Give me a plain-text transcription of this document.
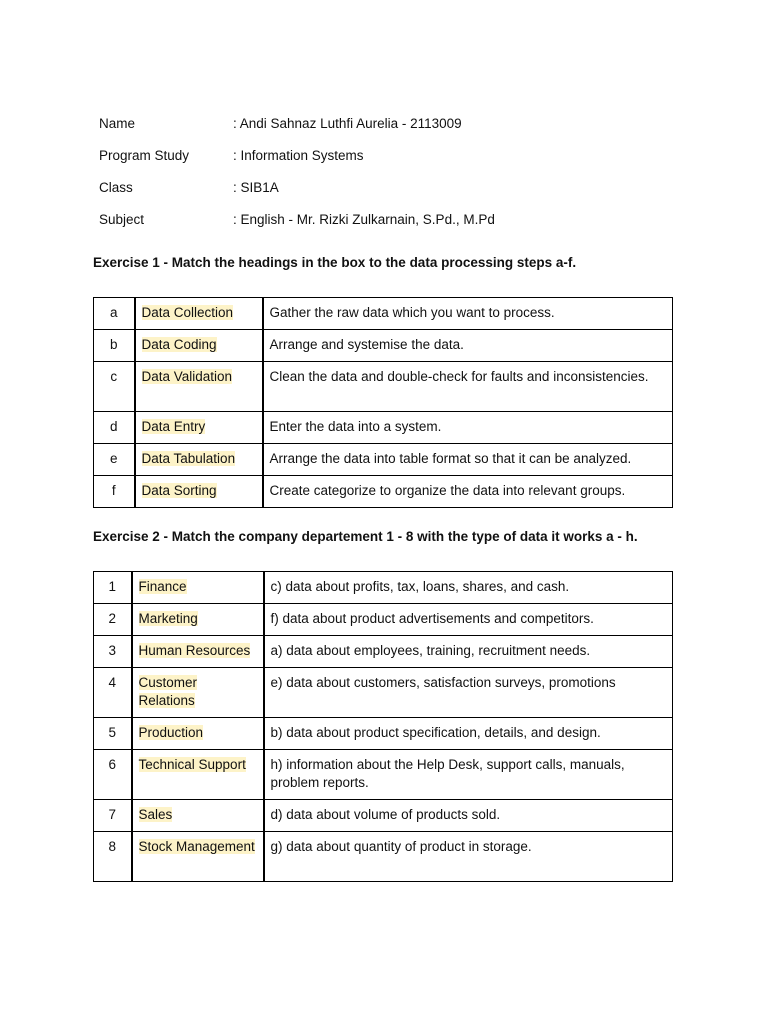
Name	: Andi Sahnaz Luthfi Aurelia - 2113009
Program Study	: Information Systems
Class	: SIB1A
Subject	: English - Mr. Rizki Zulkarnain, S.Pd., M.Pd
Exercise 1 - Match the headings in the box to the data processing steps a-f.
a	Data Collection	Gather the raw data which you want to process.
b	Data Coding	Arrange and systemise the data.
c	Data Validation	Clean the data and double-check for faults and inconsistencies.
d	Data Entry	Enter the data into a system.
e	Data Tabulation	Arrange the data into table format so that it can be analyzed.
f	Data Sorting	Create categorize to organize the data into relevant groups.
Exercise 2 - Match the company departement 1 - 8 with the type of data it works a - h.
1	Finance	c) data about profits, tax, loans, shares, and cash.
2	Marketing	f) data about product advertisements and competitors.
3	Human Resources	a) data about employees, training, recruitment needs.
4	Customer Relations	e) data about customers, satisfaction surveys, promotions
5	Production	b) data about product specification, details, and design.
6	Technical Support	h) information about the Help Desk, support calls, manuals, problem reports.
7	Sales	d) data about volume of products sold.
8	Stock Management	g) data about quantity of product in storage.
